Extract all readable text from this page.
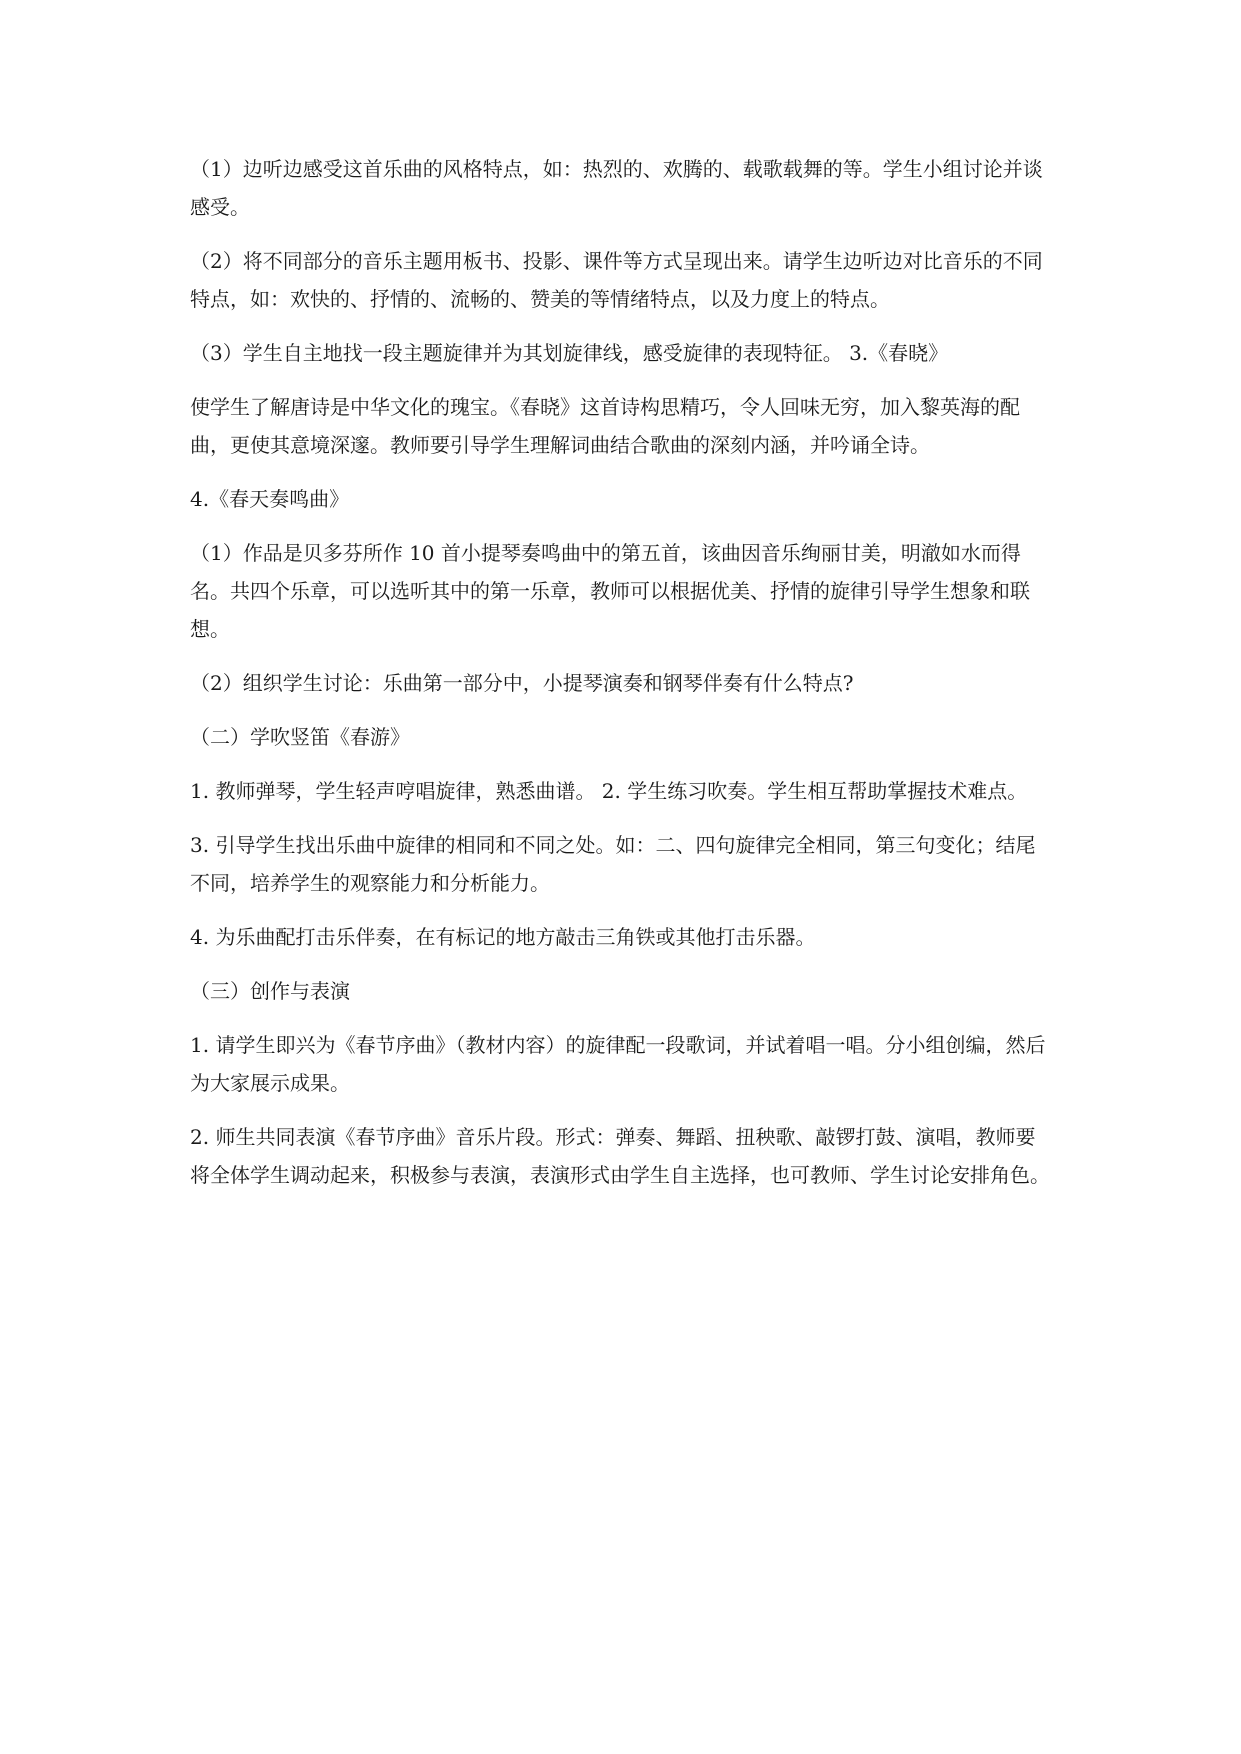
（1）边听边感受这首乐曲的风格特点，如：热烈的、欢腾的、载歌载舞的等。学生小组讨论并谈感受。

（2）将不同部分的音乐主题用板书、投影、课件等方式呈现出来。请学生边听边对比音乐的不同特点，如：欢快的、抒情的、流畅的、赞美的等情绪特点，以及力度上的特点。

（3）学生自主地找一段主题旋律并为其划旋律线，感受旋律的表现特征。 3.《春晓》

使学生了解唐诗是中华文化的瑰宝。《春晓》这首诗构思精巧，令人回味无穷，加入黎英海的配曲，更使其意境深邃。教师要引导学生理解词曲结合歌曲的深刻内涵，并吟诵全诗。

4.《春天奏鸣曲》

（1）作品是贝多芬所作 10 首小提琴奏鸣曲中的第五首，该曲因音乐绚丽甘美，明澈如水而得名。共四个乐章，可以选听其中的第一乐章，教师可以根据优美、抒情的旋律引导学生想象和联想。

（2）组织学生讨论：乐曲第一部分中，小提琴演奏和钢琴伴奏有什么特点?

（二）学吹竖笛《春游》

1. 教师弹琴，学生轻声哼唱旋律，熟悉曲谱。 2. 学生练习吹奏。学生相互帮助掌握技术难点。

3. 引导学生找出乐曲中旋律的相同和不同之处。如：二、四句旋律完全相同，第三句变化；结尾不同，培养学生的观察能力和分析能力。

4. 为乐曲配打击乐伴奏，在有标记的地方敲击三角铁或其他打击乐器。

（三）创作与表演

1. 请学生即兴为《春节序曲》（教材内容）的旋律配一段歌词，并试着唱一唱。分小组创编，然后为大家展示成果。

2. 师生共同表演《春节序曲》音乐片段。形式：弹奏、舞蹈、扭秧歌、敲锣打鼓、演唱，教师要将全体学生调动起来，积极参与表演，表演形式由学生自主选择，也可教师、学生讨论安排角色。
